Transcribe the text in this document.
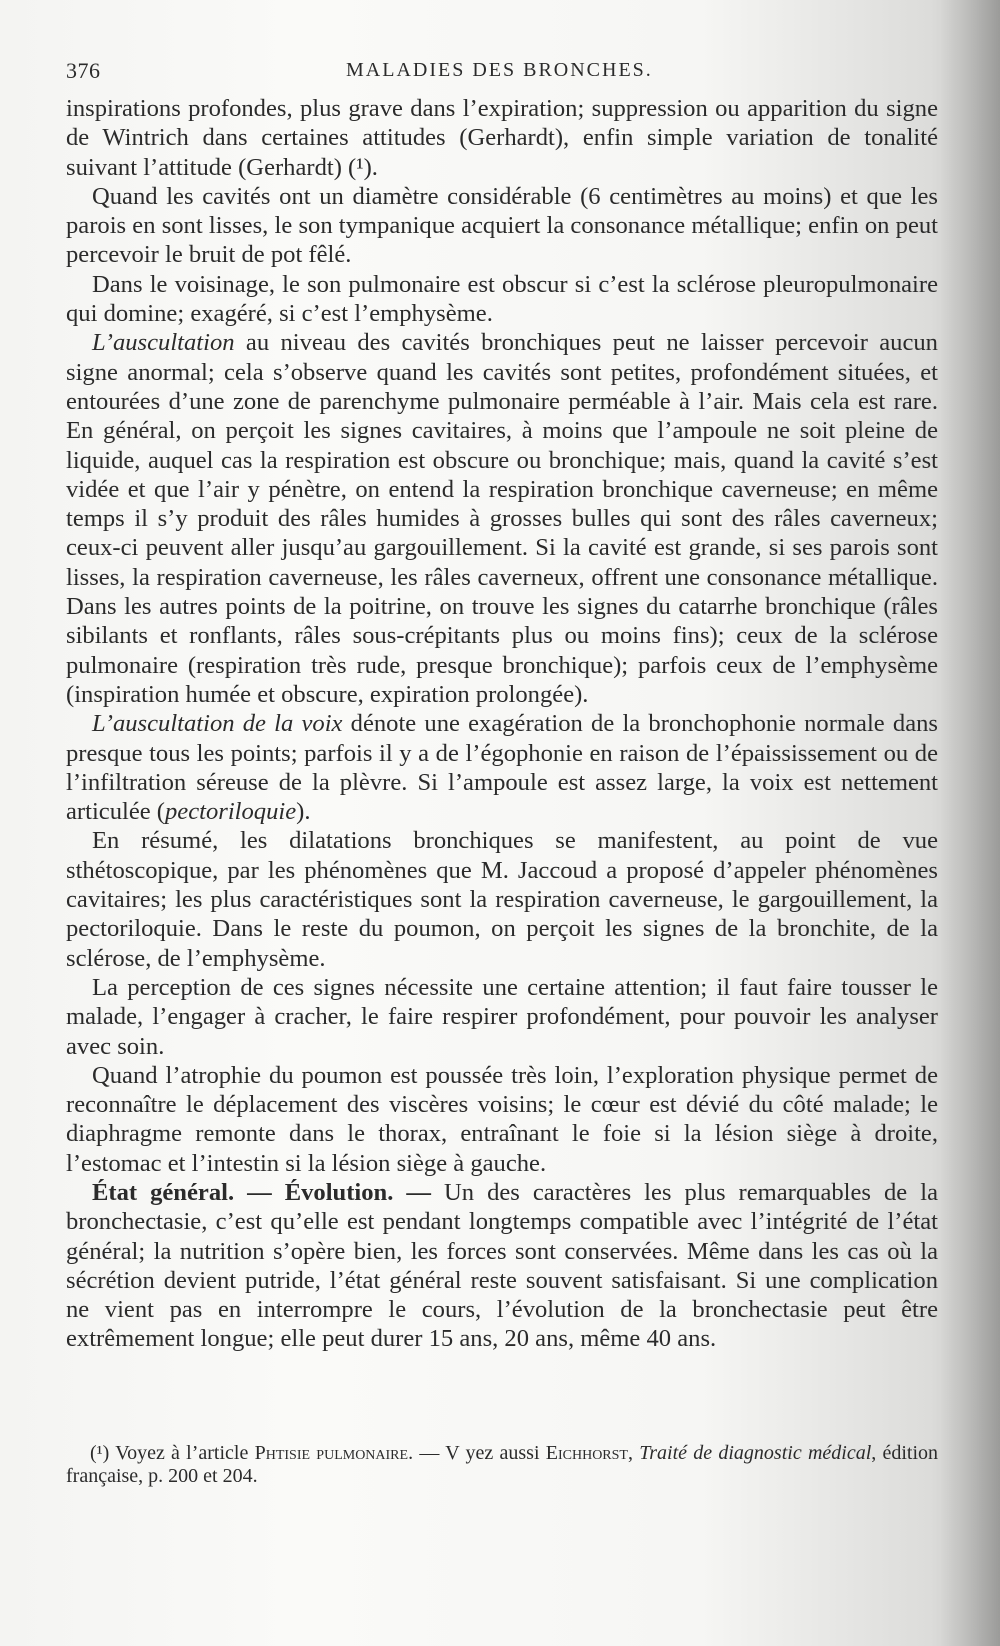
376	MALADIES DES BRONCHES.

inspirations profondes, plus grave dans l’expiration; suppression ou apparition du signe de Wintrich dans certaines attitudes (Gerhardt), enfin simple variation de tonalité suivant l’attitude (Gerhardt) (¹).

Quand les cavités ont un diamètre considérable (6 centimètres au moins) et que les parois en sont lisses, le son tympanique acquiert la consonance métallique; enfin on peut percevoir le bruit de pot fêlé.

Dans le voisinage, le son pulmonaire est obscur si c’est la sclérose pleuropulmonaire qui domine; exagéré, si c’est l’emphysème.

L’auscultation au niveau des cavités bronchiques peut ne laisser percevoir aucun signe anormal; cela s’observe quand les cavités sont petites, profondément situées, et entourées d’une zone de parenchyme pulmonaire perméable à l’air. Mais cela est rare. En général, on perçoit les signes cavitaires, à moins que l’ampoule ne soit pleine de liquide, auquel cas la respiration est obscure ou bronchique; mais, quand la cavité s’est vidée et que l’air y pénètre, on entend la respiration bronchique caverneuse; en même temps il s’y produit des râles humides à grosses bulles qui sont des râles caverneux; ceux-ci peuvent aller jusqu’au gargouillement. Si la cavité est grande, si ses parois sont lisses, la respiration caverneuse, les râles caverneux, offrent une consonance métallique. Dans les autres points de la poitrine, on trouve les signes du catarrhe bronchique (râles sibilants et ronflants, râles sous-crépitants plus ou moins fins); ceux de la sclérose pulmonaire (respiration très rude, presque bronchique); parfois ceux de l’emphysème (inspiration humée et obscure, expiration prolongée).

L’auscultation de la voix dénote une exagération de la bronchophonie normale dans presque tous les points; parfois il y a de l’égophonie en raison de l’épaississement ou de l’infiltration séreuse de la plèvre. Si l’ampoule est assez large, la voix est nettement articulée (pectoriloquie).

En résumé, les dilatations bronchiques se manifestent, au point de vue sthétoscopique, par les phénomènes que M. Jaccoud a proposé d’appeler phénomènes cavitaires; les plus caractéristiques sont la respiration caverneuse, le gargouillement, la pectoriloquie. Dans le reste du poumon, on perçoit les signes de la bronchite, de la sclérose, de l’emphysème.

La perception de ces signes nécessite une certaine attention; il faut faire tousser le malade, l’engager à cracher, le faire respirer profondément, pour pouvoir les analyser avec soin.

Quand l’atrophie du poumon est poussée très loin, l’exploration physique permet de reconnaître le déplacement des viscères voisins; le cœur est dévié du côté malade; le diaphragme remonte dans le thorax, entraînant le foie si la lésion siège à droite, l’estomac et l’intestin si la lésion siège à gauche.

État général. — Évolution. — Un des caractères les plus remarquables de la bronchectasie, c’est qu’elle est pendant longtemps compatible avec l’intégrité de l’état général; la nutrition s’opère bien, les forces sont conservées. Même dans les cas où la sécrétion devient putride, l’état général reste souvent satisfaisant. Si une complication ne vient pas en interrompre le cours, l’évolution de la bronchectasie peut être extrêmement longue; elle peut durer 15 ans, 20 ans, même 40 ans.

(¹) Voyez à l’article Phtisie pulmonaire. — V yez aussi Eichhorst, Traité de diagnostic médical, édition française, p. 200 et 204.
